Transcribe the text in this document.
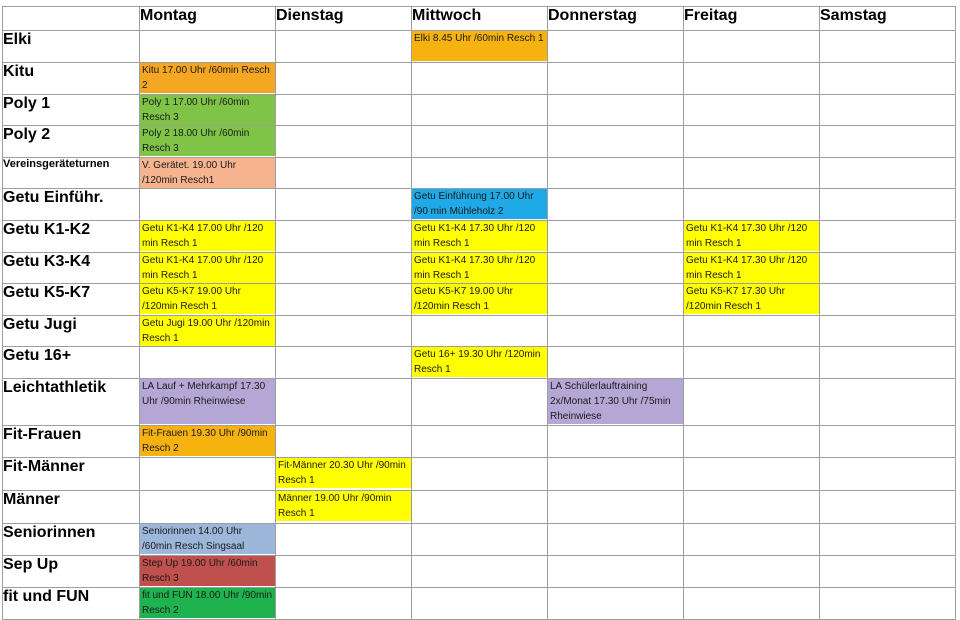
	Montag	Dienstag	Mittwoch	Donnerstag	Freitag	Samstag
Elki			Elki 8.45 Uhr /60min Resch 1			

Kitu	Kitu 17.00 Uhr /60min Resch 2					

Poly 1	Poly 1 17.00 Uhr /60min Resch 3					

Poly 2	Poly 2 18.00 Uhr /60min Resch 3					

Vereinsgeräteturnen	V. Gerätet. 19.00 Uhr /120min Resch1					

Getu Einführ.			Getu Einführung 17.00 Uhr /90 min Mühleholz 2			

Getu K1-K2	Getu K1-K4 17.00 Uhr /120 min Resch 1		Getu K1-K4 17.30 Uhr /120 min Resch 1		Getu K1-K4 17.30 Uhr /120 min Resch 1	

Getu K3-K4	Getu K1-K4 17.00 Uhr /120 min Resch 1		Getu K1-K4 17.30 Uhr /120 min Resch 1		Getu K1-K4 17.30 Uhr /120 min Resch 1	

Getu K5-K7	Getu K5-K7 19.00 Uhr /120min Resch 1		Getu K5-K7 19.00 Uhr /120min Resch 1		Getu K5-K7 17.30 Uhr /120min Resch 1	

Getu Jugi	Getu Jugi 19.00 Uhr /120min Resch 1					

Getu 16+			Getu 16+ 19.30 Uhr /120min Resch 1			

Leichtathletik	LA Lauf + Mehrkampf 17.30 Uhr /90min Rheinwiese			LA Schülerlauftraining 2x/Monat 17.30 Uhr /75min Rheinwiese		

Fit-Frauen	Fit-Frauen 19.30 Uhr /90min Resch 2					

Fit-Männer		Fit-Männer 20.30 Uhr /90min Resch 1				

Männer		Männer 19.00 Uhr /90min Resch 1				

Seniorinnen	Seniorinnen 14.00 Uhr /60min Resch Singsaal					

Sep Up	Step Up 19.00 Uhr /60min Resch 3					

fit und FUN	fit und FUN 18.00 Uhr /90min Resch 2					
